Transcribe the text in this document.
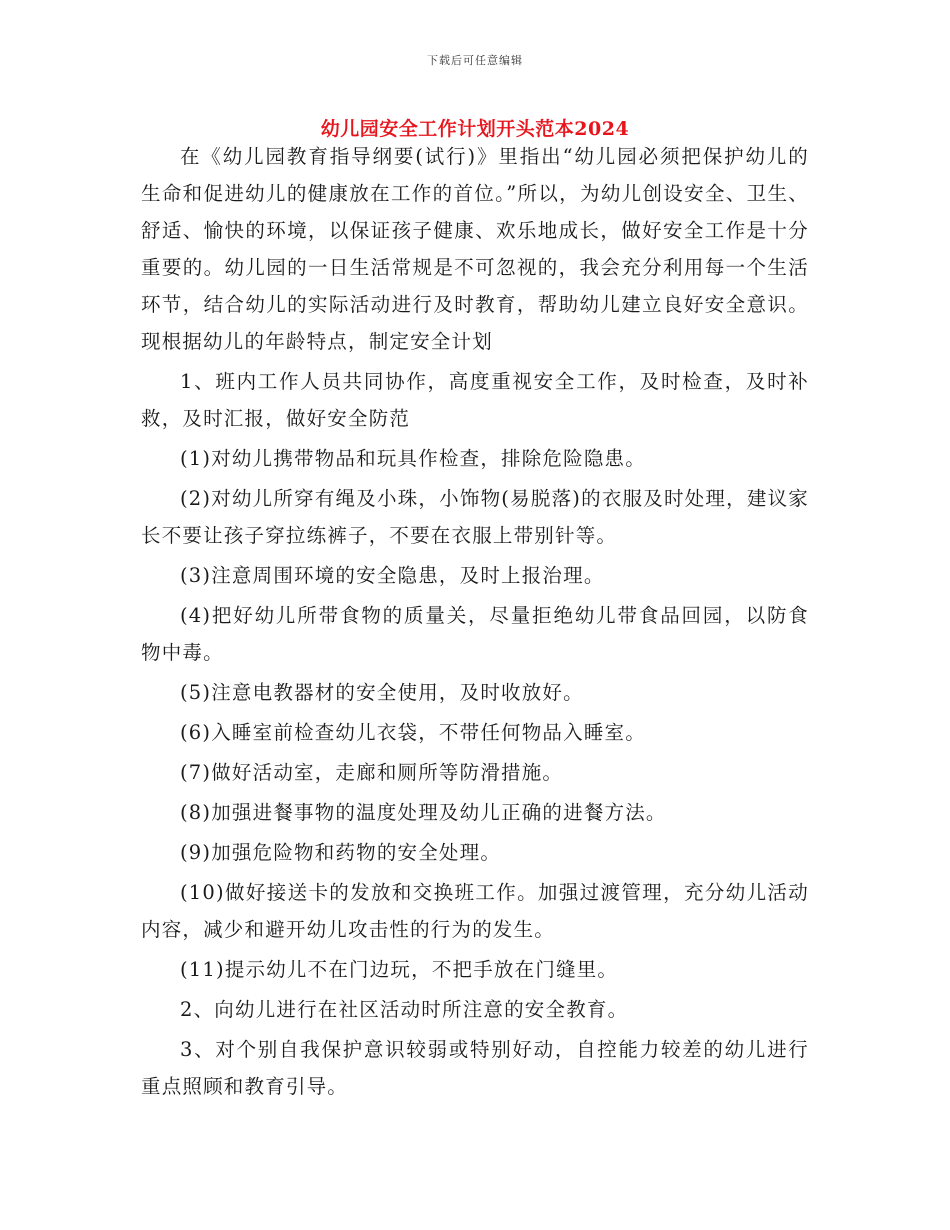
下载后可任意编辑
幼儿园安全工作计划开头范本2024

在《幼儿园教育指导纲要(试行)》里指出“幼儿园必须把保护幼儿的生命和促进幼儿的健康放在工作的首位。”所以，为幼儿创设安全、卫生、舒适、愉快的环境，以保证孩子健康、欢乐地成长，做好安全工作是十分重要的。幼儿园的一日生活常规是不可忽视的，我会充分利用每一个生活环节，结合幼儿的实际活动进行及时教育，帮助幼儿建立良好安全意识。现根据幼儿的年龄特点，制定安全计划

1、班内工作人员共同协作，高度重视安全工作，及时检查，及时补救，及时汇报，做好安全防范

(1)对幼儿携带物品和玩具作检查，排除危险隐患。

(2)对幼儿所穿有绳及小珠，小饰物(易脱落)的衣服及时处理，建议家长不要让孩子穿拉练裤子，不要在衣服上带别针等。

(3)注意周围环境的安全隐患，及时上报治理。

(4)把好幼儿所带食物的质量关，尽量拒绝幼儿带食品回园，以防食物中毒。

(5)注意电教器材的安全使用，及时收放好。

(6)入睡室前检查幼儿衣袋，不带任何物品入睡室。

(7)做好活动室，走廊和厕所等防滑措施。

(8)加强进餐事物的温度处理及幼儿正确的进餐方法。

(9)加强危险物和药物的安全处理。

(10)做好接送卡的发放和交换班工作。加强过渡管理，充分幼儿活动内容，减少和避开幼儿攻击性的行为的发生。

(11)提示幼儿不在门边玩，不把手放在门缝里。

2、向幼儿进行在社区活动时所注意的安全教育。

3、对个别自我保护意识较弱或特别好动，自控能力较差的幼儿进行重点照顾和教育引导。
